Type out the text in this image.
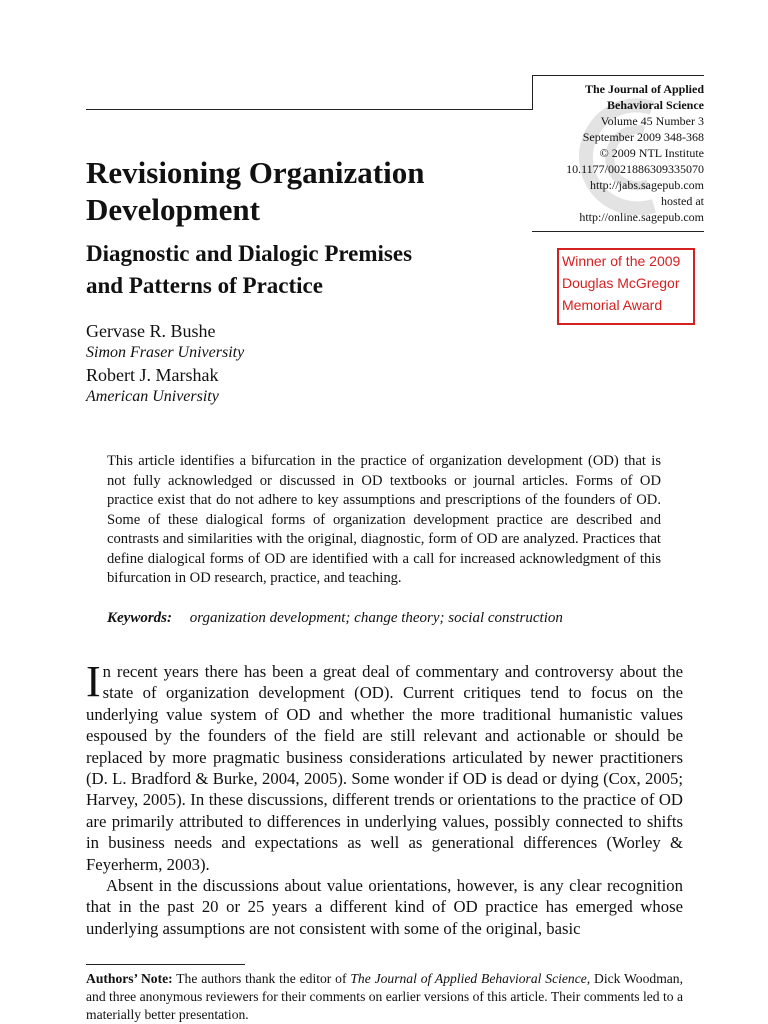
The Journal of Applied
Behavioral Science
Volume 45 Number 3
September 2009 348-368
© 2009 NTL Institute
10.1177/0021886309335070
http://jabs.sagepub.com
hosted at
http://online.sagepub.com
Winner of the 2009
Douglas McGregor
Memorial Award
Revisioning Organization
Development
Diagnostic and Dialogic Premises
and Patterns of Practice
Gervase R. Bushe
Simon Fraser University
Robert J. Marshak
American University
This article identifies a bifurcation in the practice of organization development (OD) that is not fully acknowledged or discussed in OD textbooks or journal articles. Forms of OD practice exist that do not adhere to key assumptions and prescriptions of the founders of OD. Some of these dialogical forms of organization development practice are described and contrasts and similarities with the original, diagnostic, form of OD are analyzed. Practices that define dialogical forms of OD are identified with a call for increased acknowledgment of this bifurcation in OD research, practice, and teaching.
Keywords: organization development; change theory; social construction

In recent years there has been a great deal of commentary and controversy about the state of organization development (OD). Current critiques tend to focus on the underlying value system of OD and whether the more traditional humanistic values espoused by the founders of the field are still relevant and actionable or should be replaced by more pragmatic business considerations articulated by newer practitioners (D. L. Bradford & Burke, 2004, 2005). Some wonder if OD is dead or dying (Cox, 2005; Harvey, 2005). In these discussions, different trends or orientations to the practice of OD are primarily attributed to differences in underlying values, possibly connected to shifts in business needs and expectations as well as generational differences (Worley & Feyerherm, 2003).

Absent in the discussions about value orientations, however, is any clear recognition that in the past 20 or 25 years a different kind of OD practice has emerged whose underlying assumptions are not consistent with some of the original, basic

Authors’ Note: The authors thank the editor of The Journal of Applied Behavioral Science, Dick Woodman, and three anonymous reviewers for their comments on earlier versions of this article. Their comments led to a materially better presentation.
